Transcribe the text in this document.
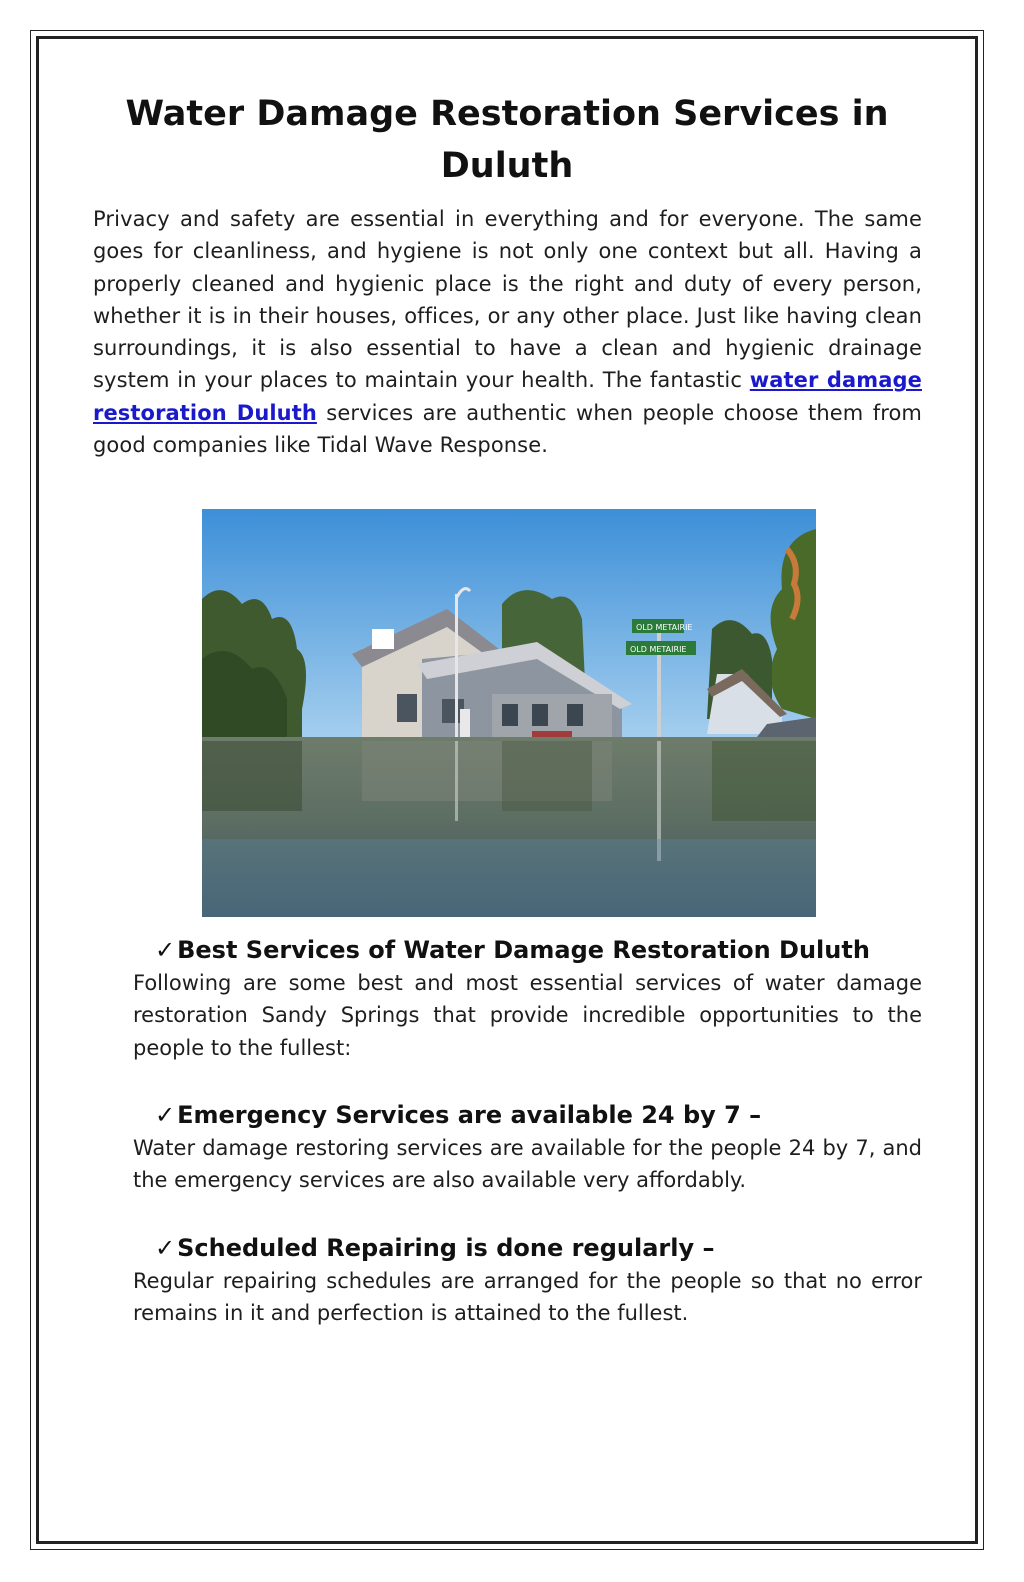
Water Damage Restoration Services in Duluth

Privacy and safety are essential in everything and for everyone. The same goes for cleanliness, and hygiene is not only one context but all. Having a properly cleaned and hygienic place is the right and duty of every person, whether it is in their houses, offices, or any other place. Just like having clean surroundings, it is also essential to have a clean and hygienic drainage system in your places to maintain your health. The fantastic water damage restoration Duluth services are authentic when people choose them from good companies like Tidal Wave Response.

OLD METAIRIE
OLD METAIRIE
✓Best Services of Water Damage Restoration Duluth

Following are some best and most essential services of water damage restoration Sandy Springs that provide incredible opportunities to the people to the fullest:

✓Emergency Services are available 24 by 7 –

Water damage restoring services are available for the people 24 by 7, and the emergency services are also available very affordably.

✓Scheduled Repairing is done regularly –

Regular repairing schedules are arranged for the people so that no error remains in it and perfection is attained to the fullest.
